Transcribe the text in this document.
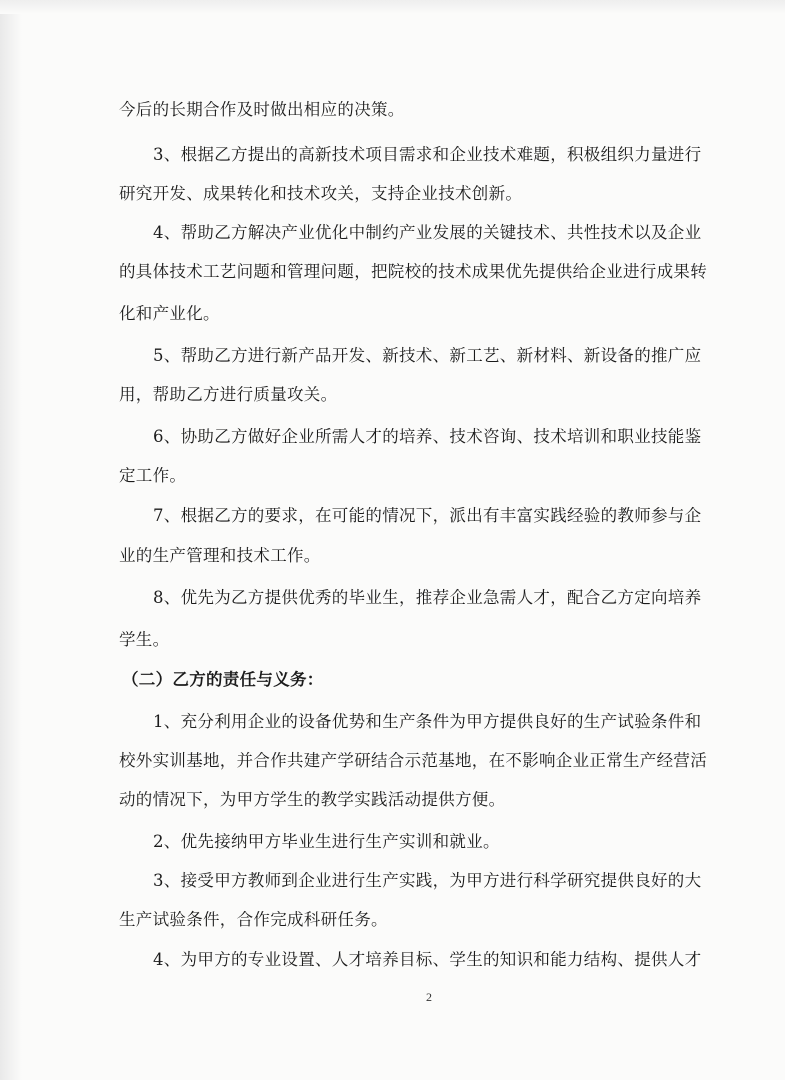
今后的长期合作及时做出相应的决策。
3、根据乙方提出的高新技术项目需求和企业技术难题，积极组织力量进行
研究开发、成果转化和技术攻关，支持企业技术创新。
4、帮助乙方解决产业优化中制约产业发展的关键技术、共性技术以及企业
的具体技术工艺问题和管理问题，把院校的技术成果优先提供给企业进行成果转
化和产业化。
5、帮助乙方进行新产品开发、新技术、新工艺、新材料、新设备的推广应
用，帮助乙方进行质量攻关。
6、协助乙方做好企业所需人才的培养、技术咨询、技术培训和职业技能鉴
定工作。
7、根据乙方的要求，在可能的情况下，派出有丰富实践经验的教师参与企
业的生产管理和技术工作。
8、优先为乙方提供优秀的毕业生，推荐企业急需人才，配合乙方定向培养
学生。
（二）乙方的责任与义务：
1、充分利用企业的设备优势和生产条件为甲方提供良好的生产试验条件和
校外实训基地，并合作共建产学研结合示范基地，在不影响企业正常生产经营活
动的情况下，为甲方学生的教学实践活动提供方便。
2、优先接纳甲方毕业生进行生产实训和就业。
3、接受甲方教师到企业进行生产实践，为甲方进行科学研究提供良好的大
生产试验条件，合作完成科研任务。
4、为甲方的专业设置、人才培养目标、学生的知识和能力结构、提供人才
2
